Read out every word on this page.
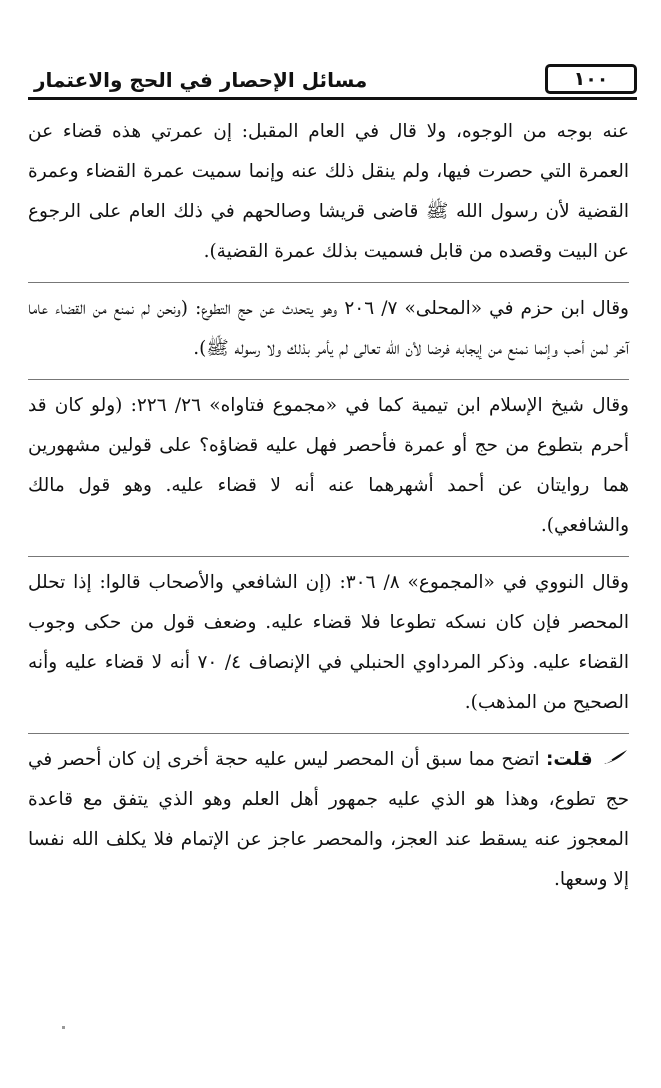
١٠٠
مسائل الإحصار في الحج والاعتمار

عنه بوجه من الوجوه، ولا قال في العام المقبل: إن عمرتي هذه قضاء عن العمرة التي حصرت فيها، ولم ينقل ذلك عنه وإنما سميت عمرة القضاء وعمرة القضية لأن رسول الله ﷺ قاضى قريشا وصالحهم في ذلك العام على الرجوع عن البيت وقصده من قابل فسميت بذلك عمرة القضية).

وقال ابن حزم في «المحلى» ٧/ ٢٠٦ وهو يتحدث عن حج التطوع: (ونحن لم نمنع من القضاء عاما آخر لمن أحب وإنما نمنع من إيجابه فرضا لأن الله تعالى لم يأمر بذلك ولا رسوله ﷺ).

وقال شيخ الإسلام ابن تيمية كما في «مجموع فتاواه» ٢٦/ ٢٢٦: (ولو كان قد أحرم بتطوع من حج أو عمرة فأحصر فهل عليه قضاؤه؟ على قولين مشهورين هما روايتان عن أحمد أشهرهما عنه أنه لا قضاء عليه. وهو قول مالك والشافعي).

وقال النووي في «المجموع» ٨/ ٣٠٦: (إن الشافعي والأصحاب قالوا: إذا تحلل المحصر فإن كان نسكه تطوعا فلا قضاء عليه. وضعف قول من حكى وجوب القضاء عليه. وذكر المرداوي الحنبلي في الإنصاف ٤/ ٧٠ أنه لا قضاء عليه وأنه الصحيح من المذهب).

قلت: اتضح مما سبق أن المحصر ليس عليه حجة أخرى إن كان أحصر في حج تطوع، وهذا هو الذي عليه جمهور أهل العلم وهو الذي يتفق مع قاعدة المعجوز عنه يسقط عند العجز، والمحصر عاجز عن الإتمام فلا يكلف الله نفسا إلا وسعها.
